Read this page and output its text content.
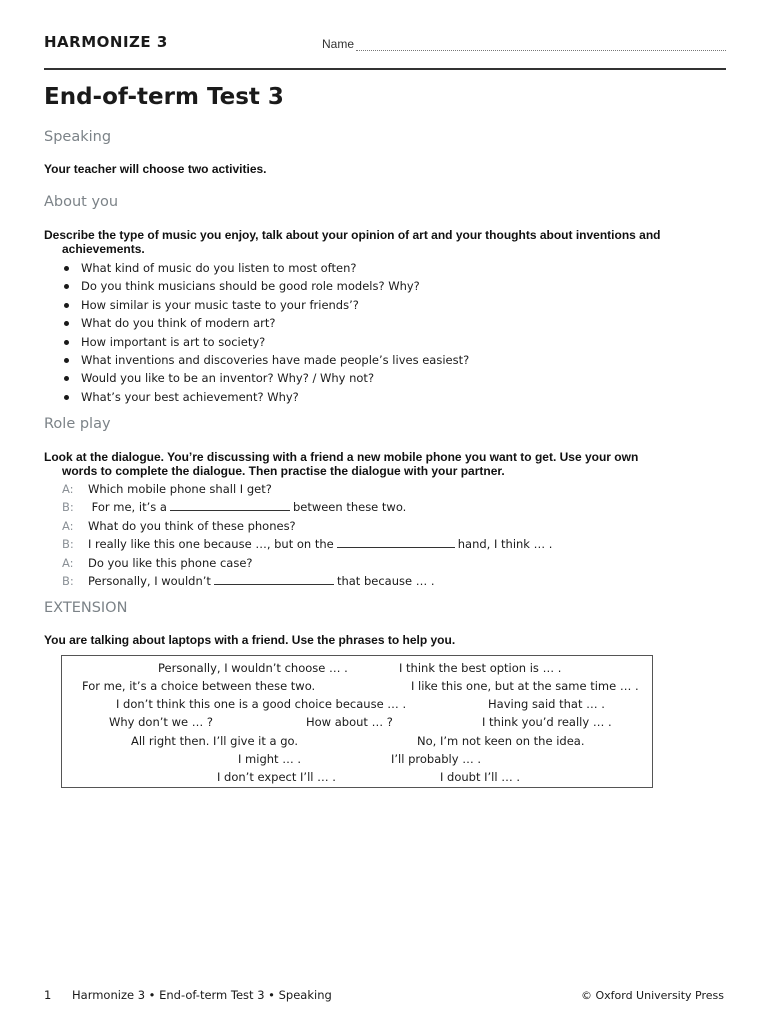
HARMONIZE 3	Name
End-of-term Test 3
Speaking
Your teacher will choose two activities.
About you
Describe the type of music you enjoy, talk about your opinion of art and your thoughts about inventions and
achievements.
What kind of music do you listen to most often?
Do you think musicians should be good role models? Why?
How similar is your music taste to your friends’?
What do you think of modern art?
How important is art to society?
What inventions and discoveries have made people’s lives easiest?
Would you like to be an inventor? Why? / Why not?
What’s your best achievement? Why?
Role play
Look at the dialogue. You’re discussing with a friend a new mobile phone you want to get. Use your own
words to complete the dialogue. Then practise the dialogue with your partner.
A: Which mobile phone shall I get?
B: For me, it’s a	between these two.
A: What do you think of these phones?
B: I really like this one because …, but on the	hand, I think … .
A: Do you like this phone case?
B: Personally, I wouldn’t	that because … .
EXTENSION
You are talking about laptops with a friend. Use the phrases to help you.
Personally, I wouldn’t choose … .	I think the best option is … .
For me, it’s a choice between these two.	I like this one, but at the same time … .
I don’t think this one is a good choice because … .	Having said that … .
Why don’t we … ?	How about … ?	I think you’d really … .
All right then. I’ll give it a go.	No, I’m not keen on the idea.
I might … .	I’ll probably … .
I don’t expect I’ll … .	I doubt I’ll … .
1 Harmonize 3 • End-of-term Test 3 • Speaking	© Oxford University Press
